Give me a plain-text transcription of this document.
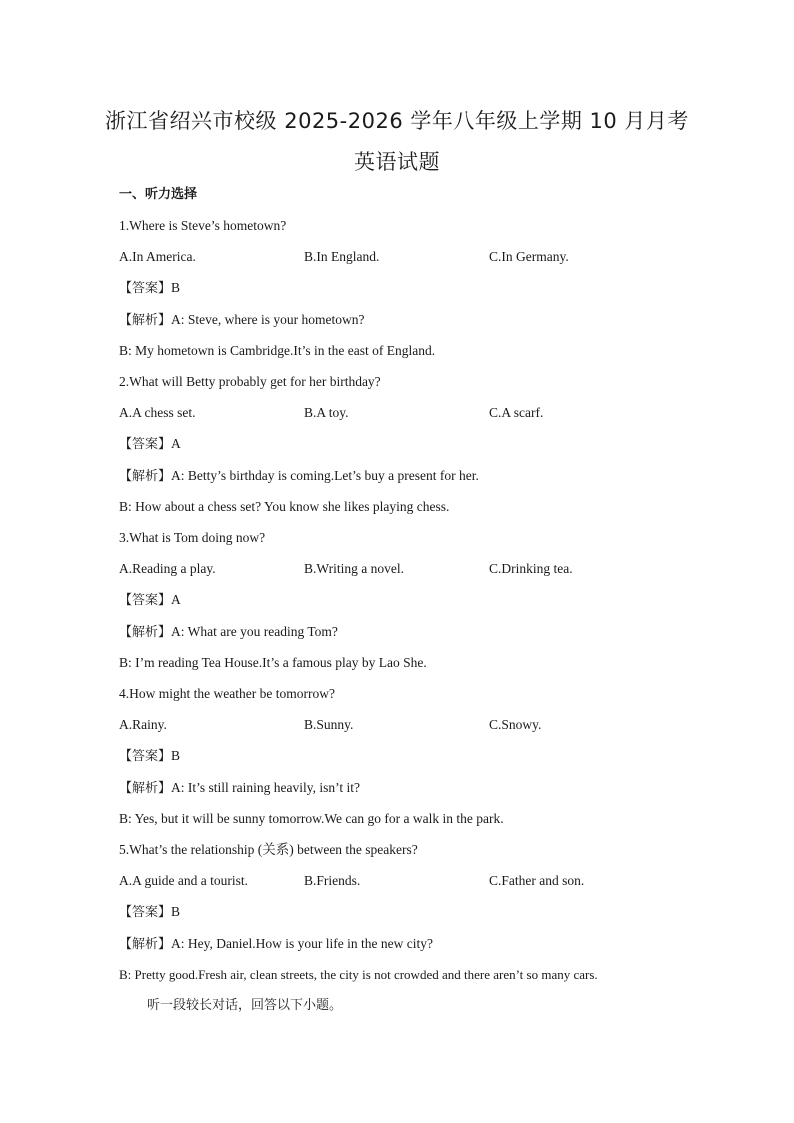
浙江省绍兴市校级 2025-2026 学年八年级上学期 10 月月考
英语试题
一、听力选择
1.Where is Steve’s hometown?
A.In America.	B.In England.	C.In Germany.
【答案】B
【解析】A: Steve, where is your hometown?
B: My hometown is Cambridge.It’s in the east of England.
2.What will Betty probably get for her birthday?
A.A chess set.	B.A toy.	C.A scarf.
【答案】A
【解析】A: Betty’s birthday is coming.Let’s buy a present for her.
B: How about a chess set? You know she likes playing chess.
3.What is Tom doing now?
A.Reading a play.	B.Writing a novel.	C.Drinking tea.
【答案】A
【解析】A: What are you reading Tom?
B: I’m reading Tea House.It’s a famous play by Lao She.
4.How might the weather be tomorrow?
A.Rainy.	B.Sunny.	C.Snowy.
【答案】B
【解析】A: It’s still raining heavily, isn’t it?
B: Yes, but it will be sunny tomorrow.We can go for a walk in the park.
5.What’s the relationship (关系) between the speakers?
A.A guide and a tourist.	B.Friends.	C.Father and son.
【答案】B
【解析】A: Hey, Daniel.How is your life in the new city?
B: Pretty good.Fresh air, clean streets, the city is not crowded and there aren’t so many cars.
听一段较长对话，回答以下小题。
